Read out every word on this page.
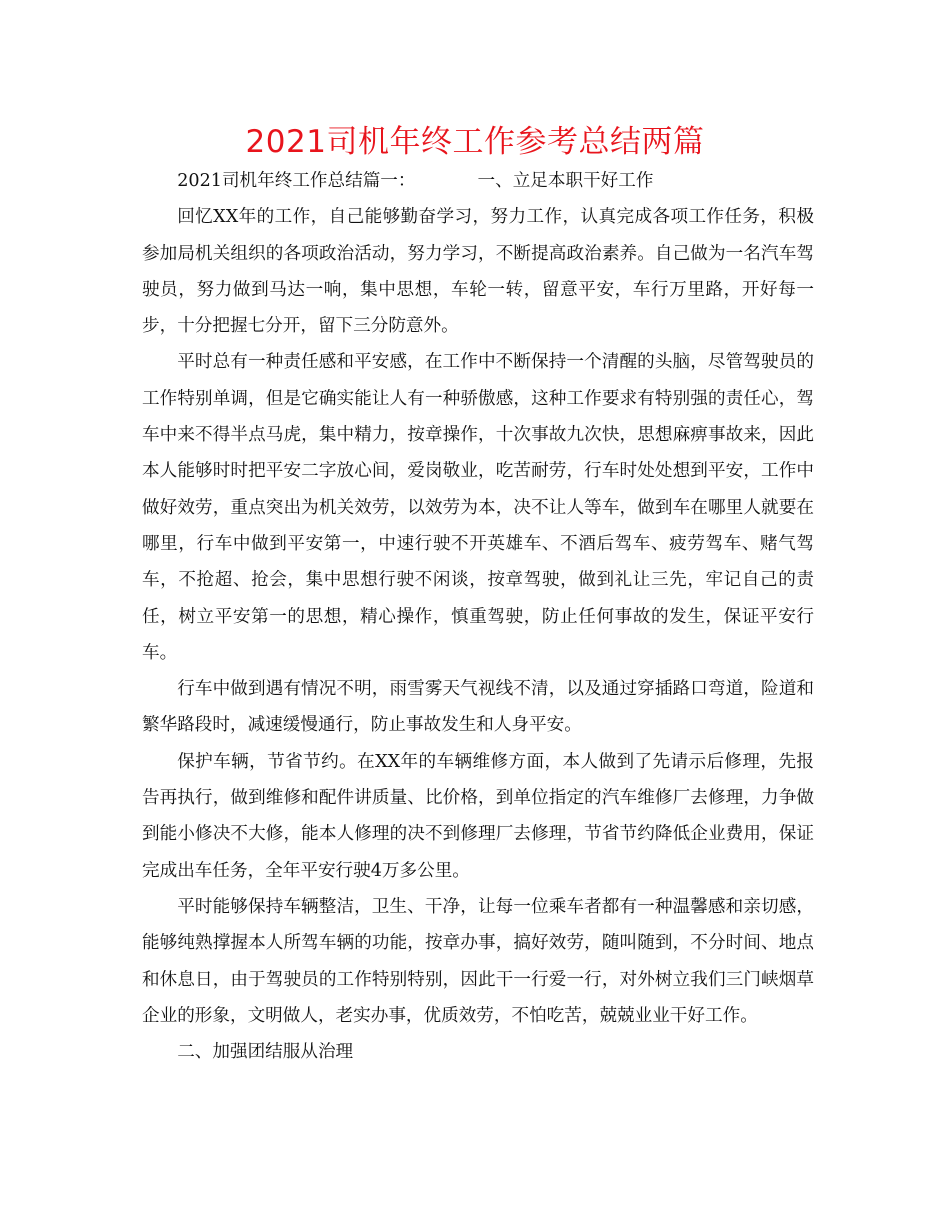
2021司机年终工作参考总结两篇

2021司机年终工作总结篇一：	一、立足本职干好工作

回忆XX年的工作，自己能够勤奋学习，努力工作，认真完成各项工作任务，积极参加局机关组织的各项政治活动，努力学习，不断提高政治素养。自己做为一名汽车驾驶员，努力做到马达一响，集中思想，车轮一转，留意平安，车行万里路，开好每一步，十分把握七分开，留下三分防意外。

平时总有一种责任感和平安感，在工作中不断保持一个清醒的头脑，尽管驾驶员的工作特别单调，但是它确实能让人有一种骄傲感，这种工作要求有特别强的责任心，驾车中来不得半点马虎，集中精力，按章操作，十次事故九次快，思想麻痹事故来，因此本人能够时时把平安二字放心间，爱岗敬业，吃苦耐劳，行车时处处想到平安，工作中做好效劳，重点突出为机关效劳，以效劳为本，决不让人等车，做到车在哪里人就要在哪里，行车中做到平安第一，中速行驶不开英雄车、不酒后驾车、疲劳驾车、赌气驾车，不抢超、抢会，集中思想行驶不闲谈，按章驾驶，做到礼让三先，牢记自己的责任，树立平安第一的思想，精心操作，慎重驾驶，防止任何事故的发生，保证平安行车。

行车中做到遇有情况不明，雨雪雾天气视线不清，以及通过穿插路口弯道，险道和繁华路段时，减速缓慢通行，防止事故发生和人身平安。

保护车辆，节省节约。在XX年的车辆维修方面，本人做到了先请示后修理，先报告再执行，做到维修和配件讲质量、比价格，到单位指定的汽车维修厂去修理，力争做到能小修决不大修，能本人修理的决不到修理厂去修理，节省节约降低企业费用，保证完成出车任务，全年平安行驶4万多公里。

平时能够保持车辆整洁，卫生、干净，让每一位乘车者都有一种温馨感和亲切感，能够纯熟撑握本人所驾车辆的功能，按章办事，搞好效劳，随叫随到，不分时间、地点和休息日，由于驾驶员的工作特别特别，因此干一行爱一行，对外树立我们三门峡烟草企业的形象，文明做人，老实办事，优质效劳，不怕吃苦，兢兢业业干好工作。

二、加强团结服从治理
